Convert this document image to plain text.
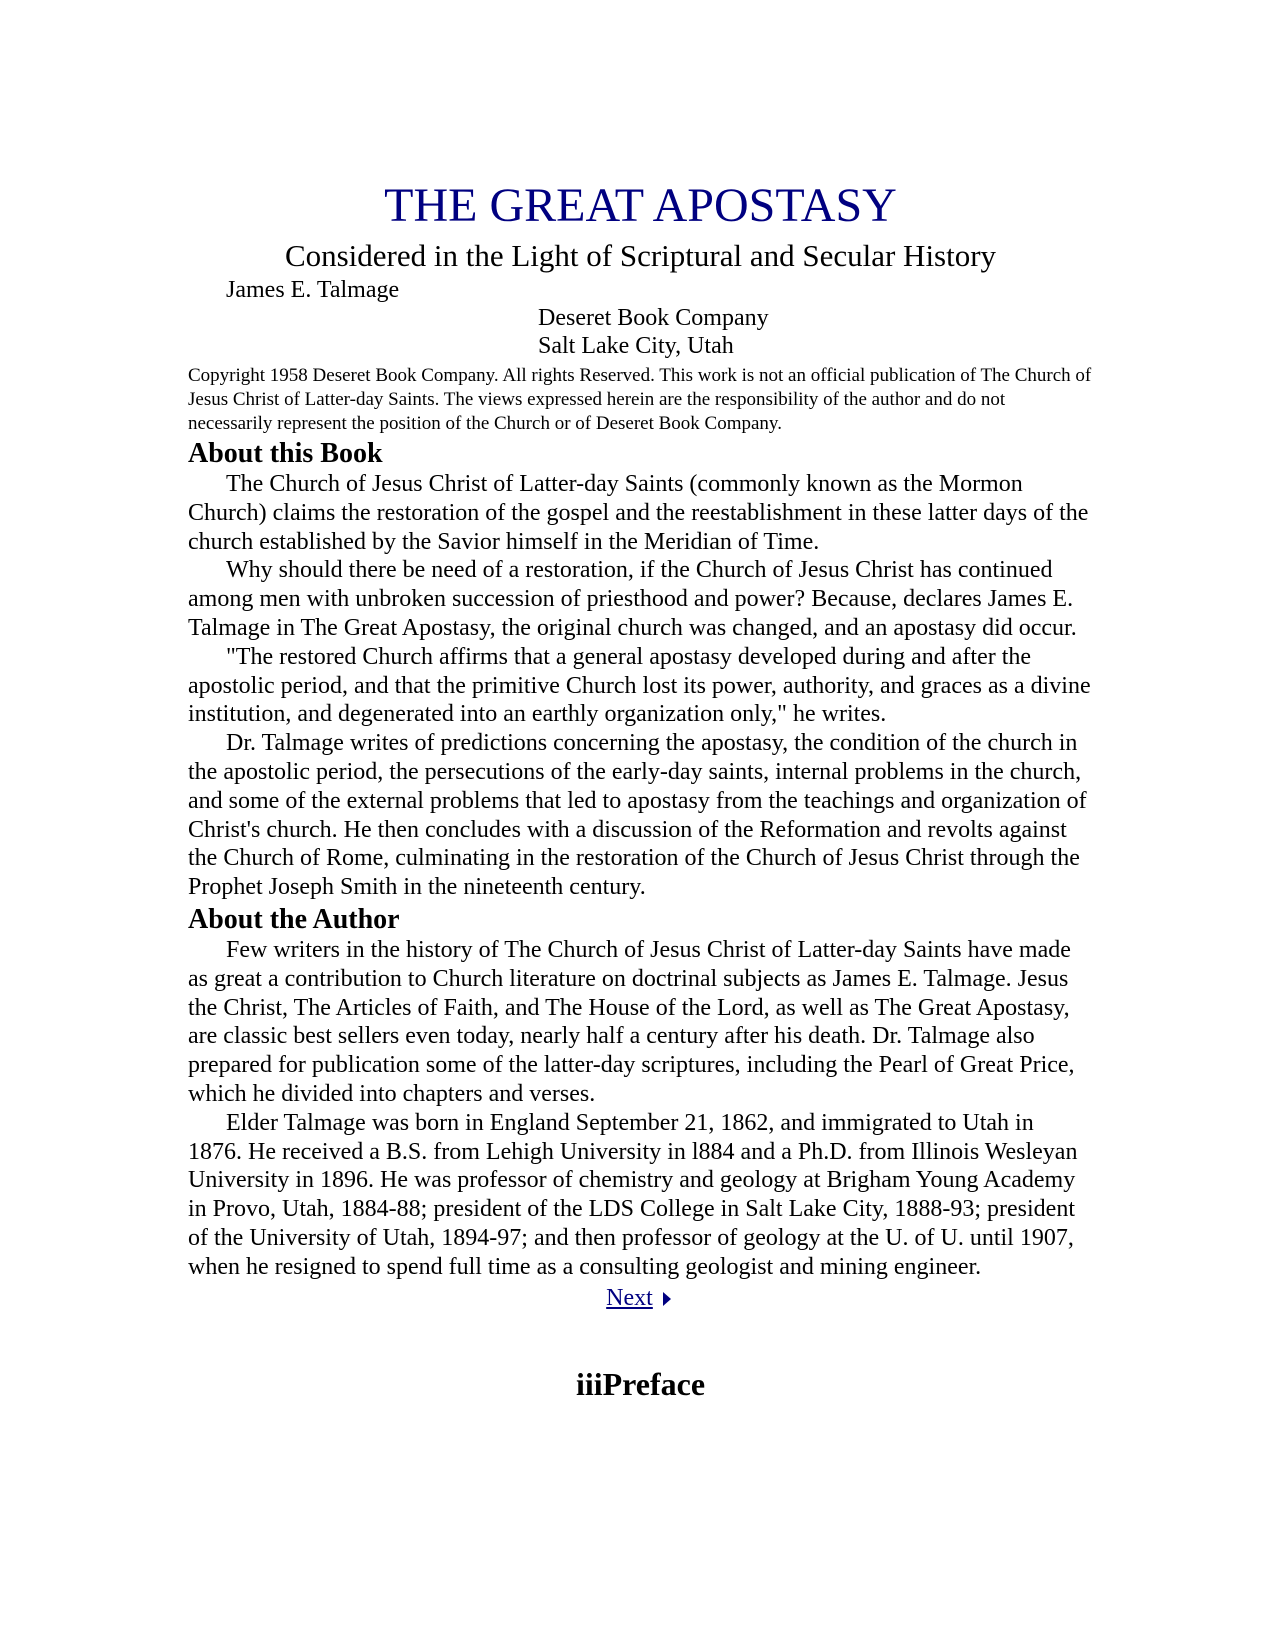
THE GREAT APOSTASY
Considered in the Light of Scriptural and Secular History
James E. Talmage
Deseret Book Company
Salt Lake City, Utah
Copyright 1958 Deseret Book Company. All rights Reserved. This work is not an official publication of The Church of Jesus Christ of Latter-day Saints. The views expressed herein are the responsibility of the author and do not necessarily represent the position of the Church or of Deseret Book Company.
About this Book

The Church of Jesus Christ of Latter-day Saints (commonly known as the Mormon Church) claims the restoration of the gospel and the reestablishment in these latter days of the church established by the Savior himself in the Meridian of Time.

Why should there be need of a restoration, if the Church of Jesus Christ has continued among men with unbroken succession of priesthood and power? Because, declares James E. Talmage in The Great Apostasy, the original church was changed, and an apostasy did occur.

"The restored Church affirms that a general apostasy developed during and after the apostolic period, and that the primitive Church lost its power, authority, and graces as a divine institution, and degenerated into an earthly organization only," he writes.

Dr. Talmage writes of predictions concerning the apostasy, the condition of the church in the apostolic period, the persecutions of the early-day saints, internal problems in the church, and some of the external problems that led to apostasy from the teachings and organization of Christ's church. He then concludes with a discussion of the Reformation and revolts against the Church of Rome, culminating in the restoration of the Church of Jesus Christ through the Prophet Joseph Smith in the nineteenth century.

About the Author

Few writers in the history of The Church of Jesus Christ of Latter-day Saints have made as great a contribution to Church literature on doctrinal subjects as James E. Talmage. Jesus the Christ, The Articles of Faith, and The House of the Lord, as well as The Great Apostasy, are classic best sellers even today, nearly half a century after his death. Dr. Talmage also prepared for publication some of the latter-day scriptures, including the Pearl of Great Price, which he divided into chapters and verses.

Elder Talmage was born in England September 21, 1862, and immigrated to Utah in 1876. He received a B.S. from Lehigh University in l884 and a Ph.D. from Illinois Wesleyan University in 1896. He was professor of chemistry and geology at Brigham Young Academy in Provo, Utah, 1884-88; president of the LDS College in Salt Lake City, 1888-93; president of the University of Utah, 1894-97; and then professor of geology at the U. of U. until 1907, when he resigned to spend full time as a consulting geologist and mining engineer.

Next
iiiPreface
